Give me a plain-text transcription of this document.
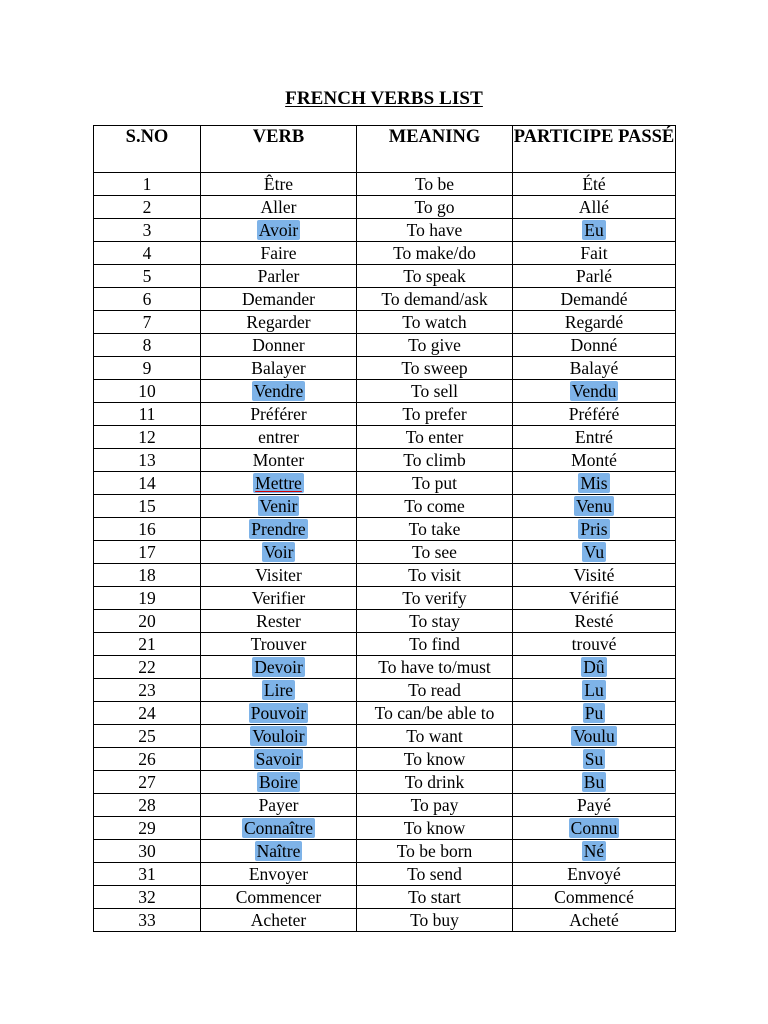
FRENCH VERBS LIST
S.NO	VERB	MEANING	PARTICIPE PASSÉ
1	Être	To be	Été
2	Aller	To go	Allé
3	Avoir	To have	Eu
4	Faire	To make/do	Fait
5	Parler	To speak	Parlé
6	Demander	To demand/ask	Demandé
7	Regarder	To watch	Regardé
8	Donner	To give	Donné
9	Balayer	To sweep	Balayé
10	Vendre	To sell	Vendu
11	Préférer	To prefer	Préféré
12	entrer	To enter	Entré
13	Monter	To climb	Monté
14	Mettre	To put	Mis
15	Venir	To come	Venu
16	Prendre	To take	Pris
17	Voir	To see	Vu
18	Visiter	To visit	Visité
19	Verifier	To verify	Vérifié
20	Rester	To stay	Resté
21	Trouver	To find	trouvé
22	Devoir	To have to/must	Dû
23	Lire	To read	Lu
24	Pouvoir	To can/be able to	Pu
25	Vouloir	To want	Voulu
26	Savoir	To know	Su
27	Boire	To drink	Bu
28	Payer	To pay	Payé
29	Connaître	To know	Connu
30	Naître	To be born	Né
31	Envoyer	To send	Envoyé
32	Commencer	To start	Commencé
33	Acheter	To buy	Acheté
